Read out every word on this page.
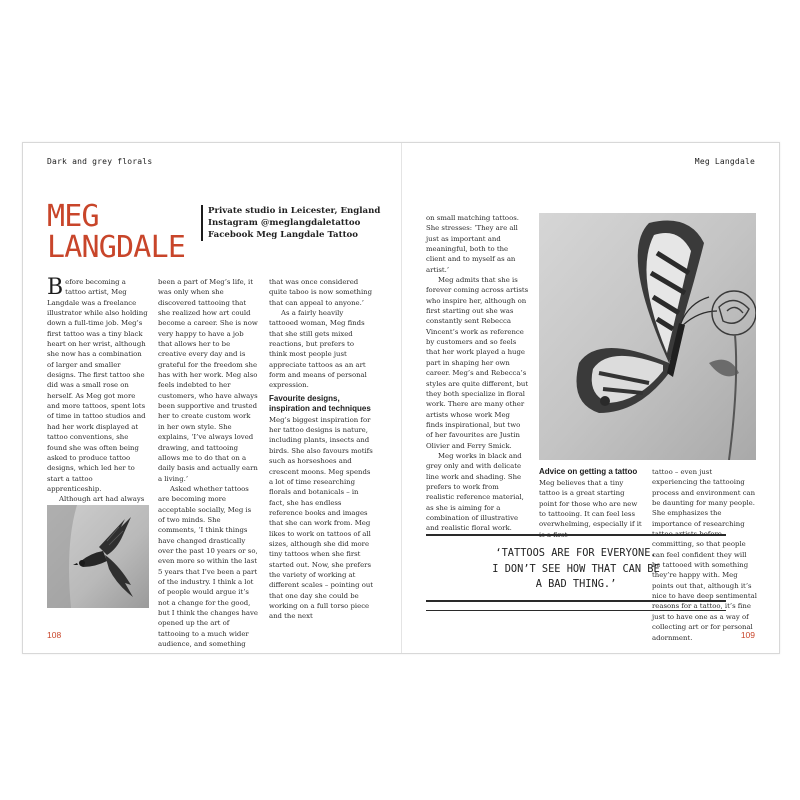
Dark and grey florals	Meg Langdale
MEG
LANGDALE
Private studio in Leicester, England
Instagram @meglangdaletattoo
Facebook Meg Langdale Tattoo

Before becoming a tattoo artist, Meg Langdale was a freelance illustrator while also holding down a full-time job. Meg’s first tattoo was a tiny black heart on her wrist, although she now has a combination of larger and smaller designs. The first tattoo she did was a small rose on herself. As Meg got more and more tattoos, spent lots of time in tattoo studios and had her work displayed at tattoo conventions, she found she was often being asked to produce tattoo designs, which led her to start a tattoo apprenticeship.

Although art had always

been a part of Meg’s life, it was only when she discovered tattooing that she realized how art could become a career. She is now very happy to have a job that allows her to be creative every day and is grateful for the freedom she has with her work. Meg also feels indebted to her customers, who have always been supportive and trusted her to create custom work in her own style. She explains, ‘I’ve always loved drawing, and tattooing allows me to do that on a daily basis and actually earn a living.’

Asked whether tattoos are becoming more acceptable socially, Meg is of two minds. She comments, ‘I think things have changed drastically over the past 10 years or so, even more so within the last 5 years that I’ve been a part of the industry. I think a lot of people would argue it’s not a change for the good, but I think the changes have opened up the art of tattooing to a much wider audience, and something

that was once considered quite taboo is now something that can appeal to anyone.’

As a fairly heavily tattooed woman, Meg finds that she still gets mixed reactions, but prefers to think most people just appreciate tattoos as an art form and means of personal expression.

Favourite designs, inspiration and techniques

Meg’s biggest inspiration for her tattoo designs is nature, including plants, insects and birds. She also favours motifs such as horseshoes and crescent moons. Meg spends a lot of time researching florals and botanicals – in fact, she has endless reference books and images that she can work from. Meg likes to work on tattoos of all sizes, although she did more tiny tattoos when she first started out. Now, she prefers the variety of working at different scales – pointing out that one day she could be working on a full torso piece and the next

on small matching tattoos. She stresses: ‘They are all just as important and meaningful, both to the client and to myself as an artist.’

Meg admits that she is forever coming across artists who inspire her, although on first starting out she was constantly sent Rebecca Vincent’s work as reference by customers and so feels that her work played a huge part in shaping her own career. Meg’s and Rebecca’s styles are quite different, but they both specialize in floral work. There are many other artists whose work Meg finds inspirational, but two of her favourites are Justin Olivier and Ferry Smick.

Meg works in black and grey only and with delicate line work and shading. She prefers to work from realistic reference material, as she is aiming for a combination of illustrative and realistic floral work.

Advice on getting a tattoo

Meg believes that a tiny tattoo is a great starting point for those who are new to tattooing. It can feel less overwhelming, especially if it is a first

tattoo – even just experiencing the tattooing process and environment can be daunting for many people. She emphasizes the importance of researching tattoo artists before committing, so that people can feel confident they will be tattooed with something they’re happy with. Meg points out that, although it’s nice to have deep sentimental reasons for a tattoo, it’s fine just to have one as a way of collecting art or for personal adornment.

‘TATTOOS ARE FOR EVERYONE.
I DON’T SEE HOW THAT CAN BE
A BAD THING.’
108	109
